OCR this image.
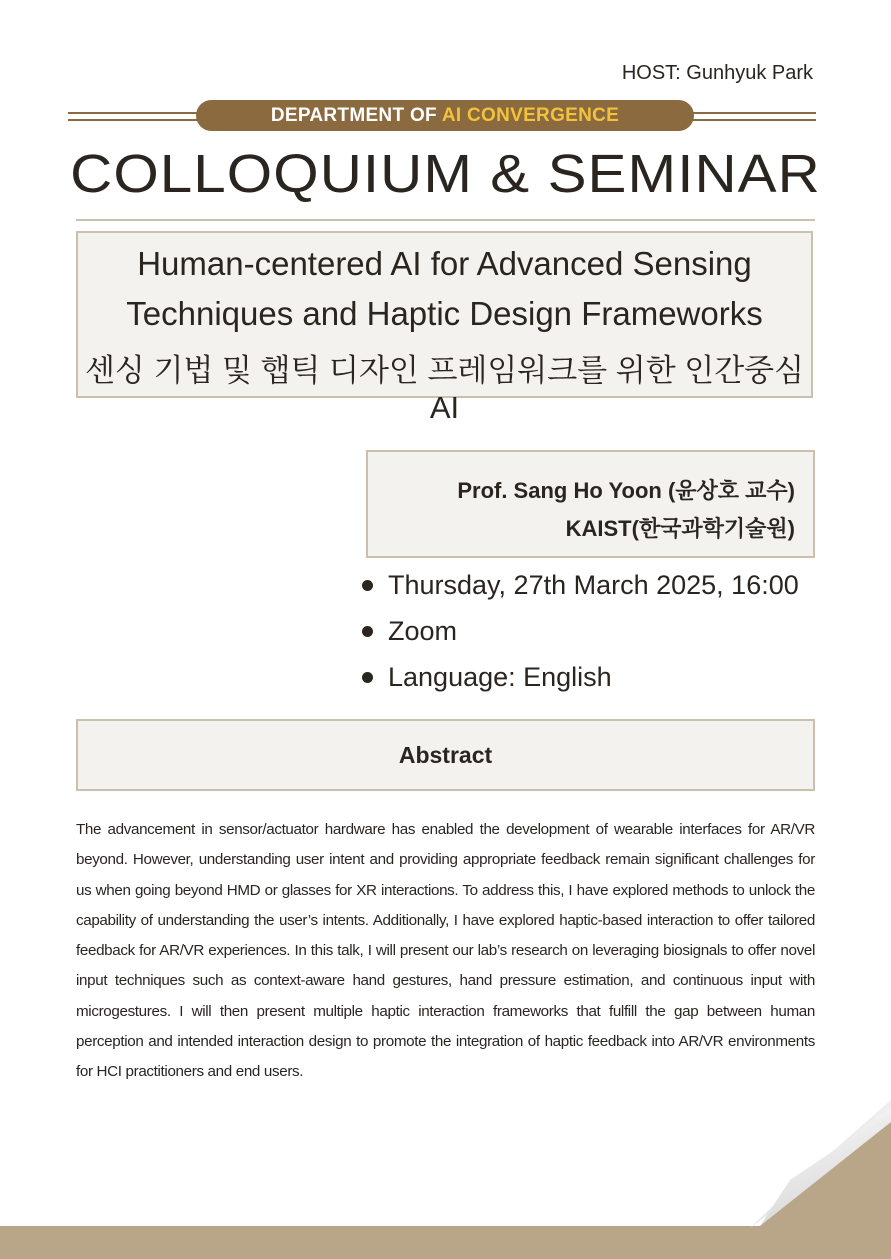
HOST: Gunhyuk Park
DEPARTMENT OF AI CONVERGENCE
COLLOQUIUM & SEMINAR
Human-centered AI for Advanced Sensing
Techniques and Haptic Design Frameworks
센싱 기법 및 햅틱 디자인 프레임워크를 위한 인간중심 AI
Prof. Sang Ho Yoon (윤상호 교수)
KAIST(한국과학기술원)
Thursday, 27th March 2025, 16:00
Zoom
Language: English
Abstract
The advancement in sensor/actuator hardware has enabled the development of wearable interfaces for AR/VR beyond. However, understanding user intent and providing appropriate feedback remain significant challenges for us when going beyond HMD or glasses for XR interactions. To address this, I have explored methods to unlock the capability of understanding the user’s intents. Additionally, I have explored haptic-based interaction to offer tailored feedback for AR/VR experiences. In this talk, I will present our lab’s research on leveraging biosignals to offer novel input techniques such as context-aware hand gestures, hand pressure estimation, and continuous input with microgestures. I will then present multiple haptic interaction frameworks that fulfill the gap between human perception and intended interaction design to promote the integration of haptic feedback into AR/VR environments for HCI practitioners and end users.
